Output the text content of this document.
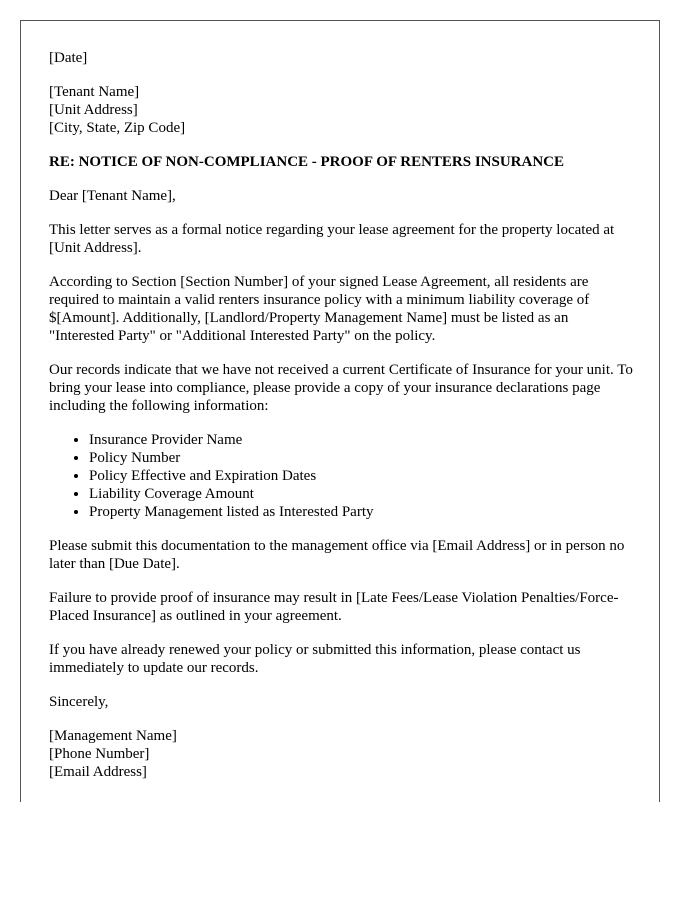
[Date]

[Tenant Name]
[Unit Address]
[City, State, Zip Code]

RE: NOTICE OF NON-COMPLIANCE - PROOF OF RENTERS INSURANCE

Dear [Tenant Name],

This letter serves as a formal notice regarding your lease agreement for the property located at [Unit Address].

According to Section [Section Number] of your signed Lease Agreement, all residents are required to maintain a valid renters insurance policy with a minimum liability coverage of $[Amount]. Additionally, [Landlord/Property Management Name] must be listed as an "Interested Party" or "Additional Interested Party" on the policy.

Our records indicate that we have not received a current Certificate of Insurance for your unit. To bring your lease into compliance, please provide a copy of your insurance declarations page including the following information:

• Insurance Provider Name
• Policy Number
• Policy Effective and Expiration Dates
• Liability Coverage Amount
• Property Management listed as Interested Party

Please submit this documentation to the management office via [Email Address] or in person no later than [Due Date].

Failure to provide proof of insurance may result in [Late Fees/Lease Violation Penalties/Force-Placed Insurance] as outlined in your agreement.

If you have already renewed your policy or submitted this information, please contact us immediately to update our records.

Sincerely,

[Management Name]
[Phone Number]
[Email Address]
